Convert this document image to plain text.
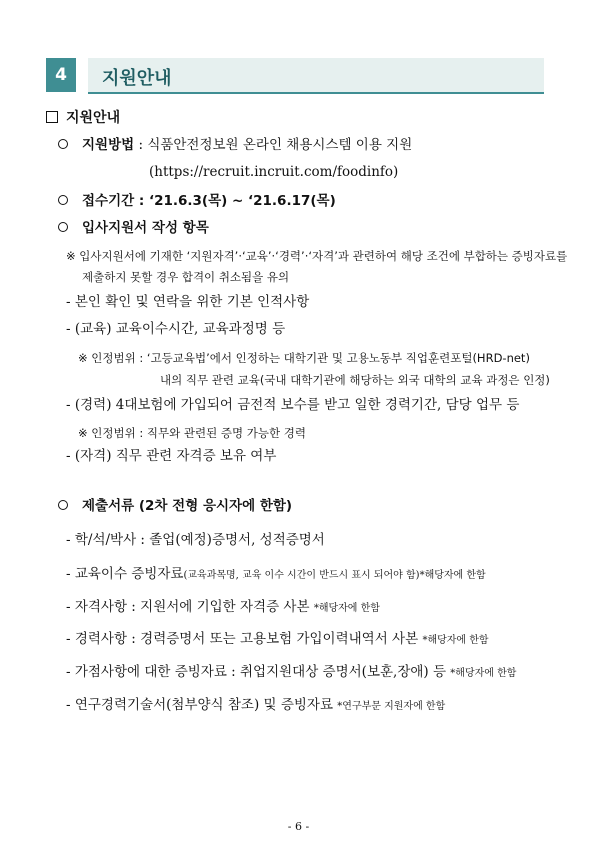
4	지원안내
지원안내
지원방법 : 식품안전정보원 온라인 채용시스템 이용 지원
(https://recruit.incruit.com/foodinfo)
접수기간 : ‘21.6.3(목) ~ ‘21.6.17(목)
입사지원서 작성 항목
※ 입사지원서에 기재한 ‘지원자격’·‘교육’·‘경력’·‘자격’과 관련하여 해당 조건에 부합하는 증빙자료를
제출하지 못할 경우 합격이 취소됨을 유의
- 본인 확인 및 연락을 위한 기본 인적사항
- (교육) 교육이수시간, 교육과정명 등
※ 인정범위 : ‘고등교육법’에서 인정하는 대학기관 및 고용노동부 직업훈련포털(HRD-net)
내의 직무 관련 교육(국내 대학기관에 해당하는 외국 대학의 교육 과정은 인정)
- (경력) 4대보험에 가입되어 금전적 보수를 받고 일한 경력기간, 담당 업무 등
※ 인정범위 : 직무와 관련된 증명 가능한 경력
- (자격) 직무 관련 자격증 보유 여부
제출서류 (2차 전형 응시자에 한함)
- 학/석/박사 : 졸업(예정)증명서, 성적증명서
- 교육이수 증빙자료(교육과목명, 교육 이수 시간이 반드시 표시 되어야 함)*해당자에 한함
- 자격사항 : 지원서에 기입한 자격증 사본 *해당자에 한함
- 경력사항 : 경력증명서 또는 고용보험 가입이력내역서 사본 *해당자에 한함
- 가점사항에 대한 증빙자료 : 취업지원대상 증명서(보훈,장애) 등 *해당자에 한함
- 연구경력기술서(첨부양식 참조) 및 증빙자료 *연구부문 지원자에 한함
- 6 -
